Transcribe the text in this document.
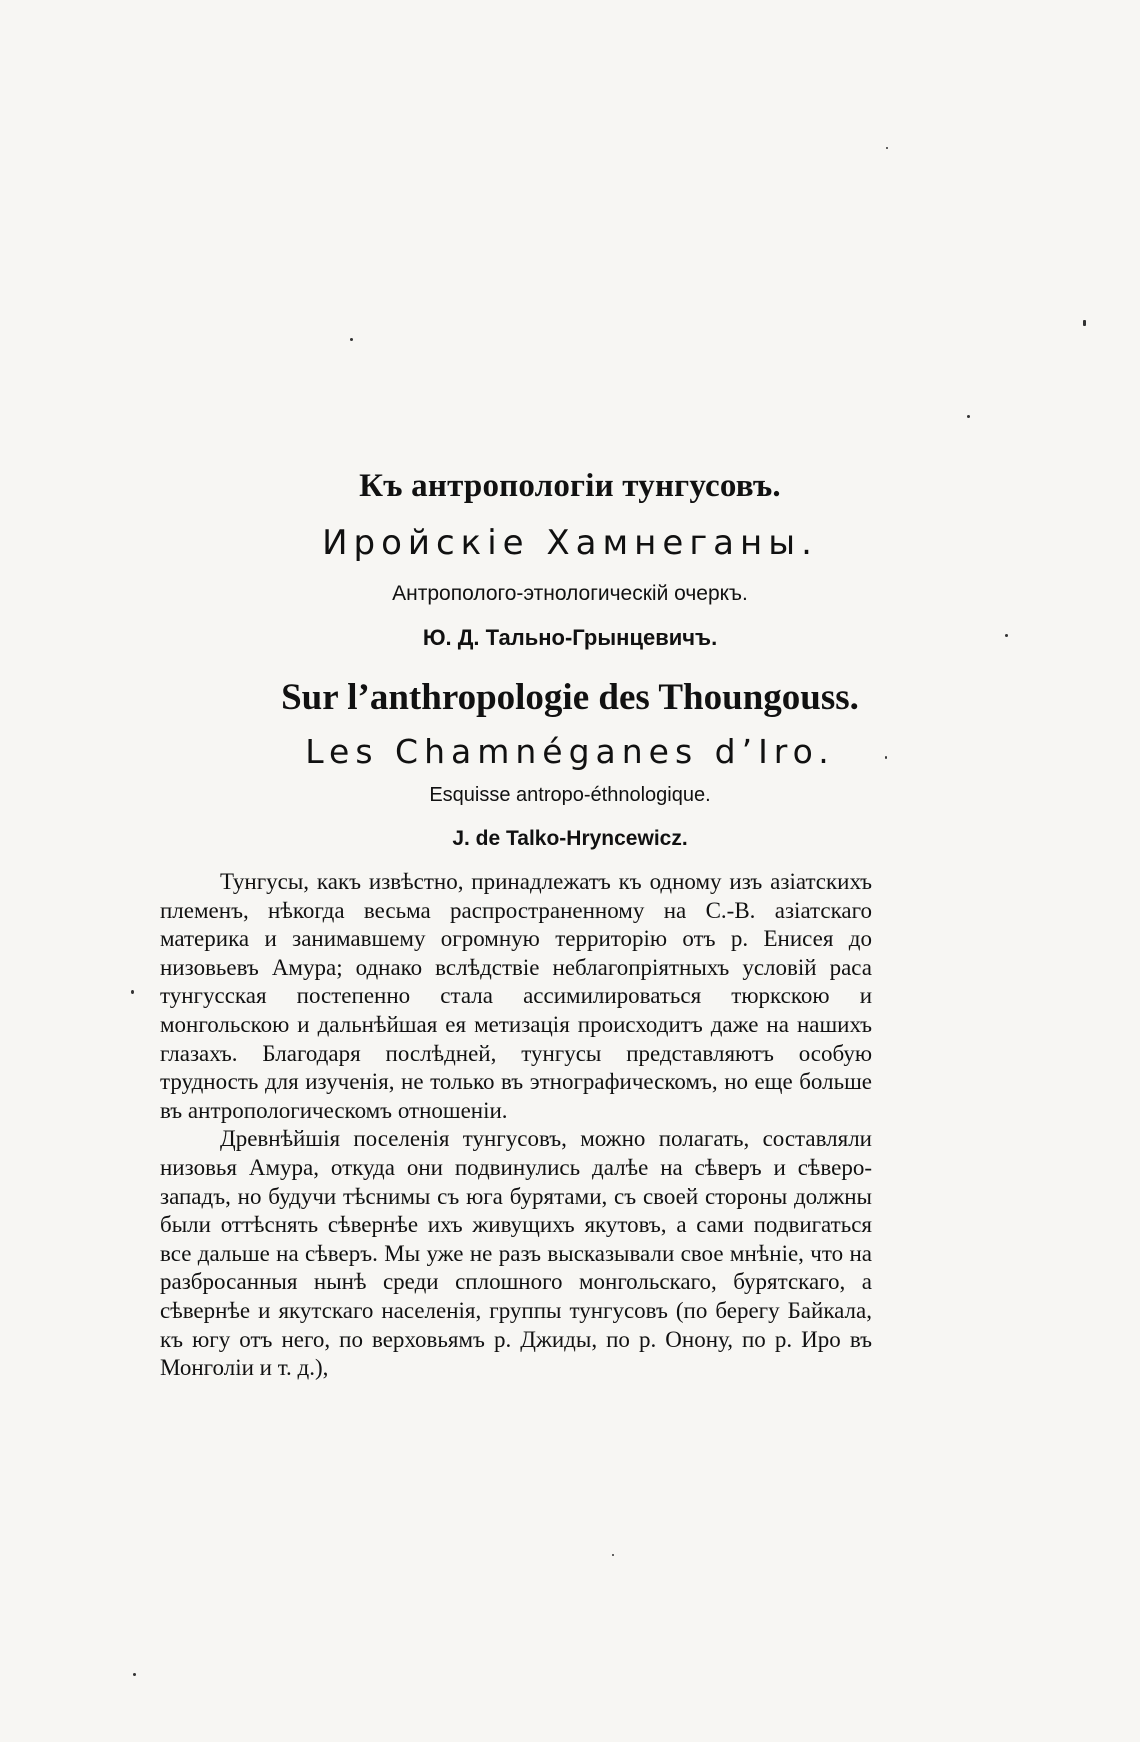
Къ антропологіи тунгусовъ.
Иройскіе Хамнеганы.
Антрополого-этнологическій очеркъ.
Ю. Д. Тально-Грынцевичъ.
Sur l’anthropologie des Thoungouss.
Les Chamnéganes d’Iro.
Esquisse antropo-éthnologique.
J. de Talko-Hryncewicz.

Тунгусы, какъ извѣстно, принадлежатъ къ одному изъ азіатскихъ племенъ, нѣкогда весьма распространенному на С.-В. азіатскаго материка и занимавшему огромную территорію отъ р. Енисея до низовьевъ Амура; однако вслѣдствіе неблагопріятныхъ условій раса тунгусская постепенно стала ассимилироваться тюркскою и монгольскою и дальнѣйшая ея метизація происходитъ даже на нашихъ глазахъ. Благодаря послѣдней, тунгусы представляютъ особую трудность для изученія, не только въ этнографическомъ, но еще больше въ антропологическомъ отношеніи.

Древнѣйшія поселенія тунгусовъ, можно полагать, составляли низовья Амура, откуда они подвинулись далѣе на сѣверъ и сѣверо-западъ, но будучи тѣснимы съ юга бурятами, съ своей стороны должны были оттѣснять сѣвернѣе ихъ живущихъ якутовъ, а сами подвигаться все дальше на сѣверъ. Мы уже не разъ высказывали свое мнѣніе, что на разбросанныя нынѣ среди сплошного монгольскаго, бурятскаго, а сѣвернѣе и якутскаго населенія, группы тунгусовъ (по берегу Байкала, къ югу отъ него, по верховьямъ р. Джиды, по р. Онону, по р. Иро въ Монголіи и т. д.),
